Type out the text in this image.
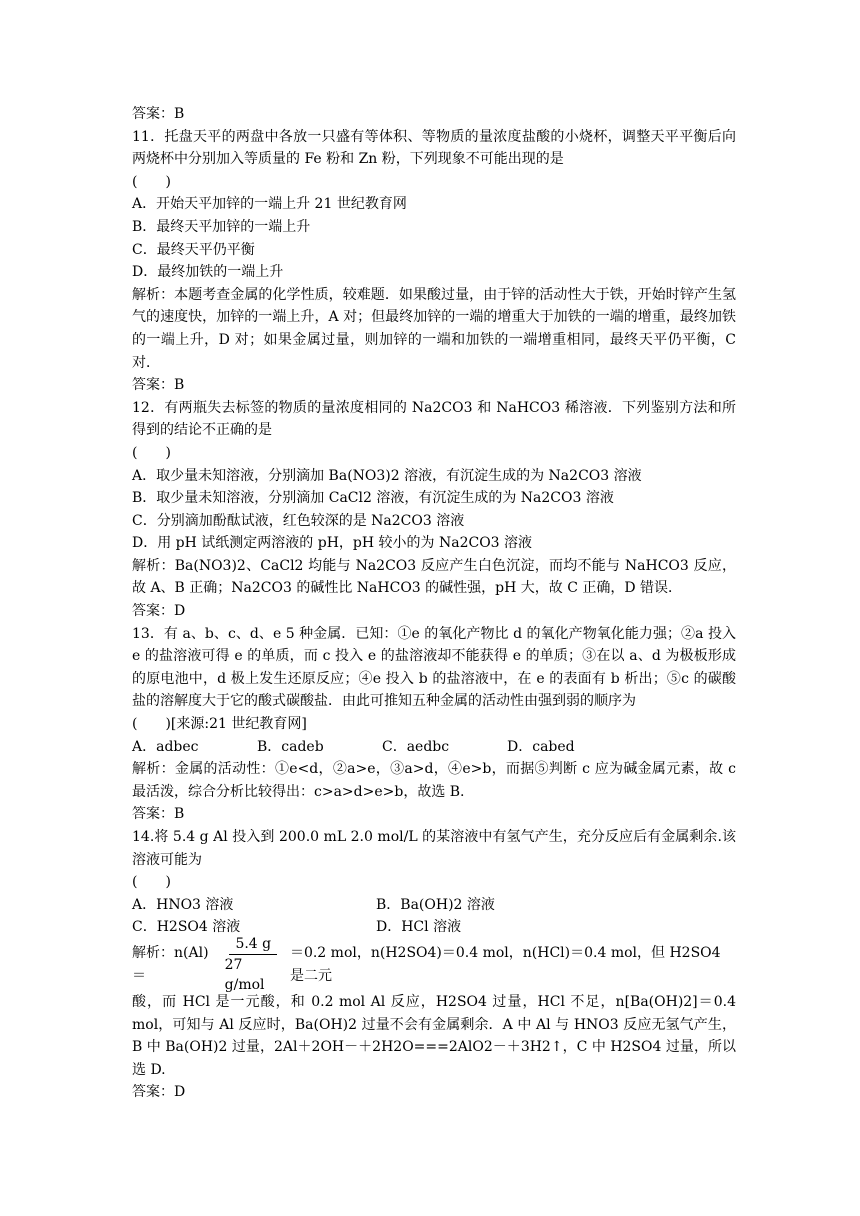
答案：B

11．托盘天平的两盘中各放一只盛有等体积、等物质的量浓度盐酸的小烧杯，调整天平平衡后向两烧杯中分别加入等质量的 Fe 粉和 Zn 粉，下列现象不可能出现的是

(　　)

A．开始天平加锌的一端上升 21 世纪教育网

B．最终天平加锌的一端上升

C．最终天平仍平衡

D．最终加铁的一端上升

解析：本题考查金属的化学性质，较难题．如果酸过量，由于锌的活动性大于铁，开始时锌产生氢气的速度快，加锌的一端上升，A 对；但最终加锌的一端的增重大于加铁的一端的增重，最终加铁的一端上升，D 对；如果金属过量，则加锌的一端和加铁的一端增重相同，最终天平仍平衡，C 对．

答案：B

12．有两瓶失去标签的物质的量浓度相同的 Na2CO3 和 NaHCO3 稀溶液．下列鉴别方法和所得到的结论不正确的是

(　　)

A．取少量未知溶液，分别滴加 Ba(NO3)2 溶液，有沉淀生成的为 Na2CO3 溶液

B．取少量未知溶液，分别滴加 CaCl2 溶液，有沉淀生成的为 Na2CO3 溶液

C．分别滴加酚酞试液，红色较深的是 Na2CO3 溶液

D．用 pH 试纸测定两溶液的 pH，pH 较小的为 Na2CO3 溶液

解析：Ba(NO3)2、CaCl2 均能与 Na2CO3 反应产生白色沉淀，而均不能与 NaHCO3 反应，故 A、B 正确；Na2CO3 的碱性比 NaHCO3 的碱性强，pH 大，故 C 正确，D 错误．

答案：D

13．有 a、b、c、d、e 5 种金属．已知：①e 的氧化产物比 d 的氧化产物氧化能力强；②a 投入 e 的盐溶液可得 e 的单质，而 c 投入 e 的盐溶液却不能获得 e 的单质；③在以 a、d 为极板形成的原电池中，d 极上发生还原反应；④e 投入 b 的盐溶液中，在 e 的表面有 b 析出；⑤c 的碳酸盐的溶解度大于它的酸式碳酸盐．由此可推知五种金属的活动性由强到弱的顺序为

(　　)[来源:21 世纪教育网]

A．adbec	B．cadeb	C．aedbc	D．cabed

解析：金属的活动性：①e<d，②a>e，③a>d，④e>b，而据⑤判断 c 应为碱金属元素，故 c 最活泼，综合分析比较得出：c>a>d>e>b，故选 B.

答案：B

14.将 5.4 g Al 投入到 200.0 mL 2.0 mol/L 的某溶液中有氢气产生，充分反应后有金属剩余.该溶液可能为

(　　)

A．HNO3 溶液	B．Ba(OH)2 溶液
C．H2SO4 溶液	D．HCl 溶液
解析：n(Al)＝	$\frac{5.4 g}{\text{27 g/mol}} =0.2$ mol，n(H2SO4)＝0.4 mol，n(HCl)＝0.4 mol，但 H2SO4 是二元

酸，而 HCl 是一元酸，和 0.2 mol Al 反应，H2SO4 过量，HCl 不足，n[Ba(OH)2]＝0.4 mol，可知与 Al 反应时，Ba(OH)2 过量不会有金属剩余．A 中 Al 与 HNO3 反应无氢气产生，B 中 Ba(OH)2 过量，2Al＋2OH－＋2H2O===2AlO2－＋3H2↑，C 中 H2SO4 过量，所以选 D.

答案：D
